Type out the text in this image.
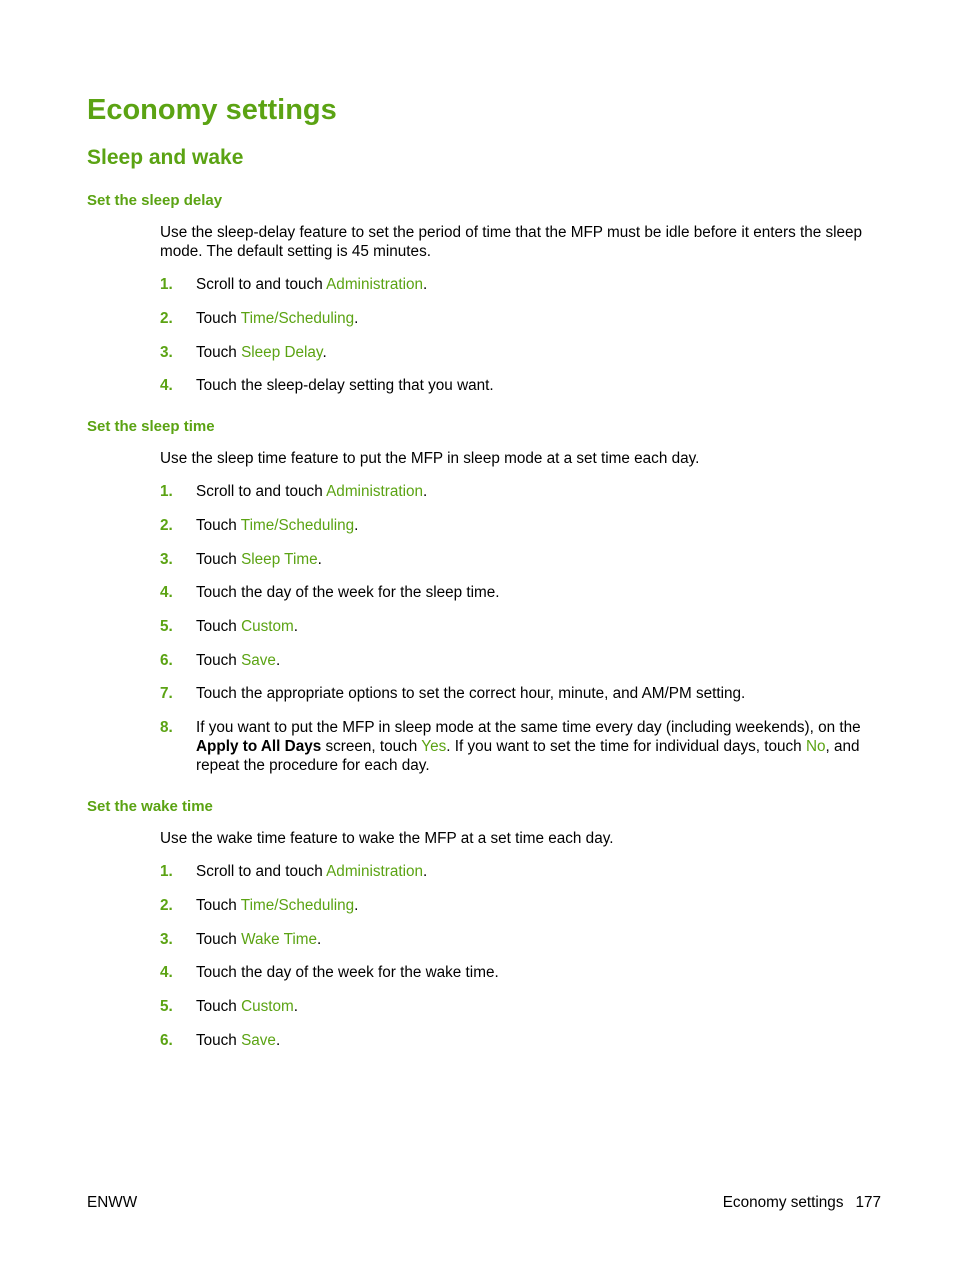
Economy settings
Sleep and wake
Set the sleep delay

Use the sleep-delay feature to set the period of time that the MFP must be idle before it enters the sleep mode. The default setting is 45 minutes.

1. Scroll to and touch Administration.
2. Touch Time/Scheduling.
3. Touch Sleep Delay.
4. Touch the sleep-delay setting that you want.
Set the sleep time

Use the sleep time feature to put the MFP in sleep mode at a set time each day.

1. Scroll to and touch Administration.
2. Touch Time/Scheduling.
3. Touch Sleep Time.
4. Touch the day of the week for the sleep time.
5. Touch Custom.
6. Touch Save.
7. Touch the appropriate options to set the correct hour, minute, and AM/PM setting.
8. If you want to put the MFP in sleep mode at the same time every day (including weekends), on the Apply to All Days screen, touch Yes. If you want to set the time for individual days, touch No, and repeat the procedure for each day.
Set the wake time

Use the wake time feature to wake the MFP at a set time each day.

1. Scroll to and touch Administration.
2. Touch Time/Scheduling.
3. Touch Wake Time.
4. Touch the day of the week for the wake time.
5. Touch Custom.
6. Touch Save.
ENWW	Economy settings 177
